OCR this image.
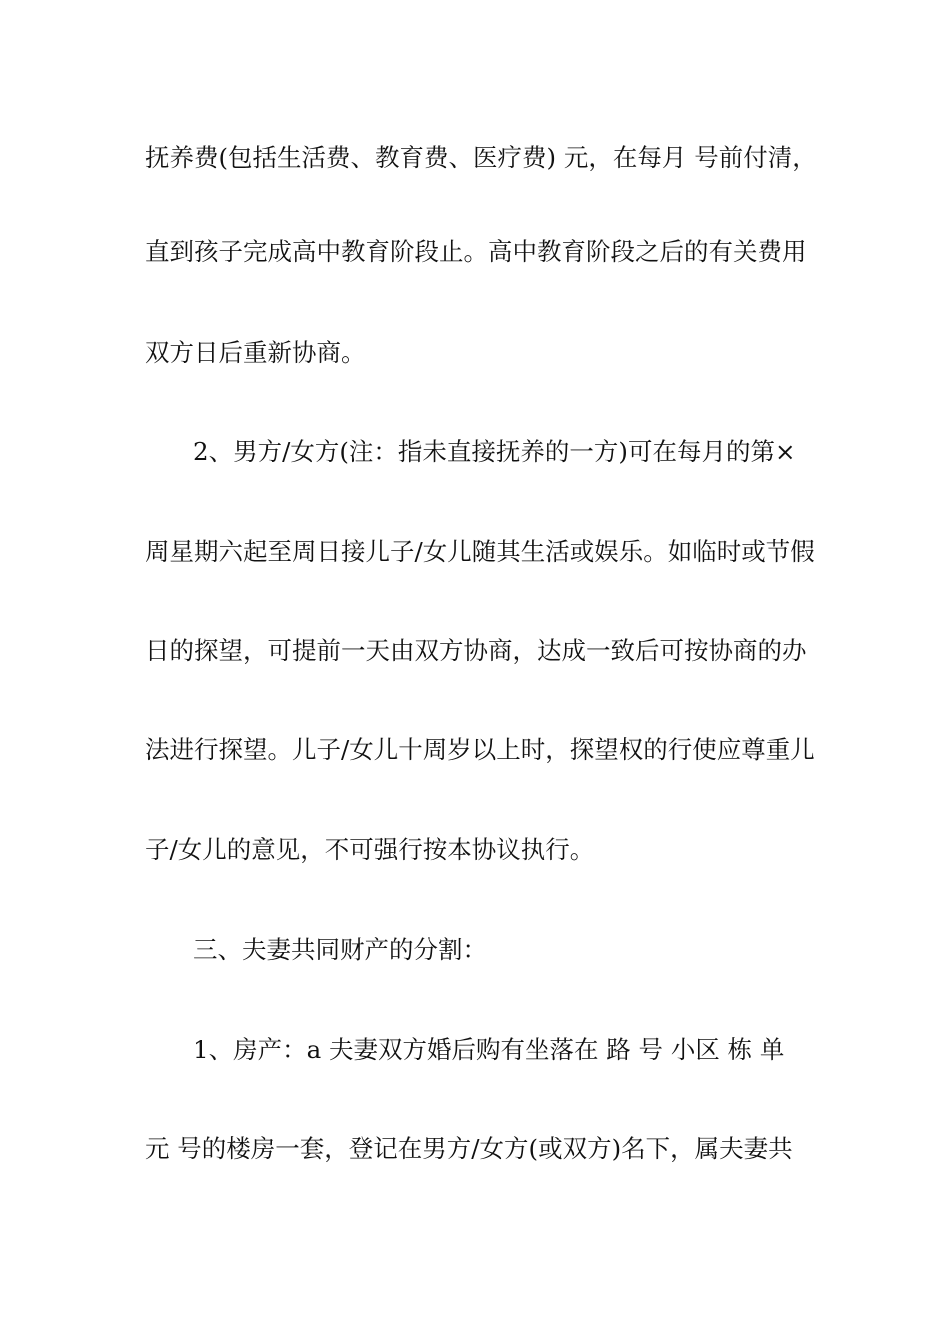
抚养费(包括生活费、教育费、医疗费) 元，在每月 号前付清，
直到孩子完成高中教育阶段止。高中教育阶段之后的有关费用
双方日后重新协商。
2、男方/女方(注：指未直接抚养的一方)可在每月的第×
周星期六起至周日接儿子/女儿随其生活或娱乐。如临时或节假
日的探望，可提前一天由双方协商，达成一致后可按协商的办
法进行探望。儿子/女儿十周岁以上时，探望权的行使应尊重儿
子/女儿的意见，不可强行按本协议执行。
三、夫妻共同财产的分割：
1、房产：a 夫妻双方婚后购有坐落在 路 号 小区 栋 单
元 号的楼房一套，登记在男方/女方(或双方)名下，属夫妻共
